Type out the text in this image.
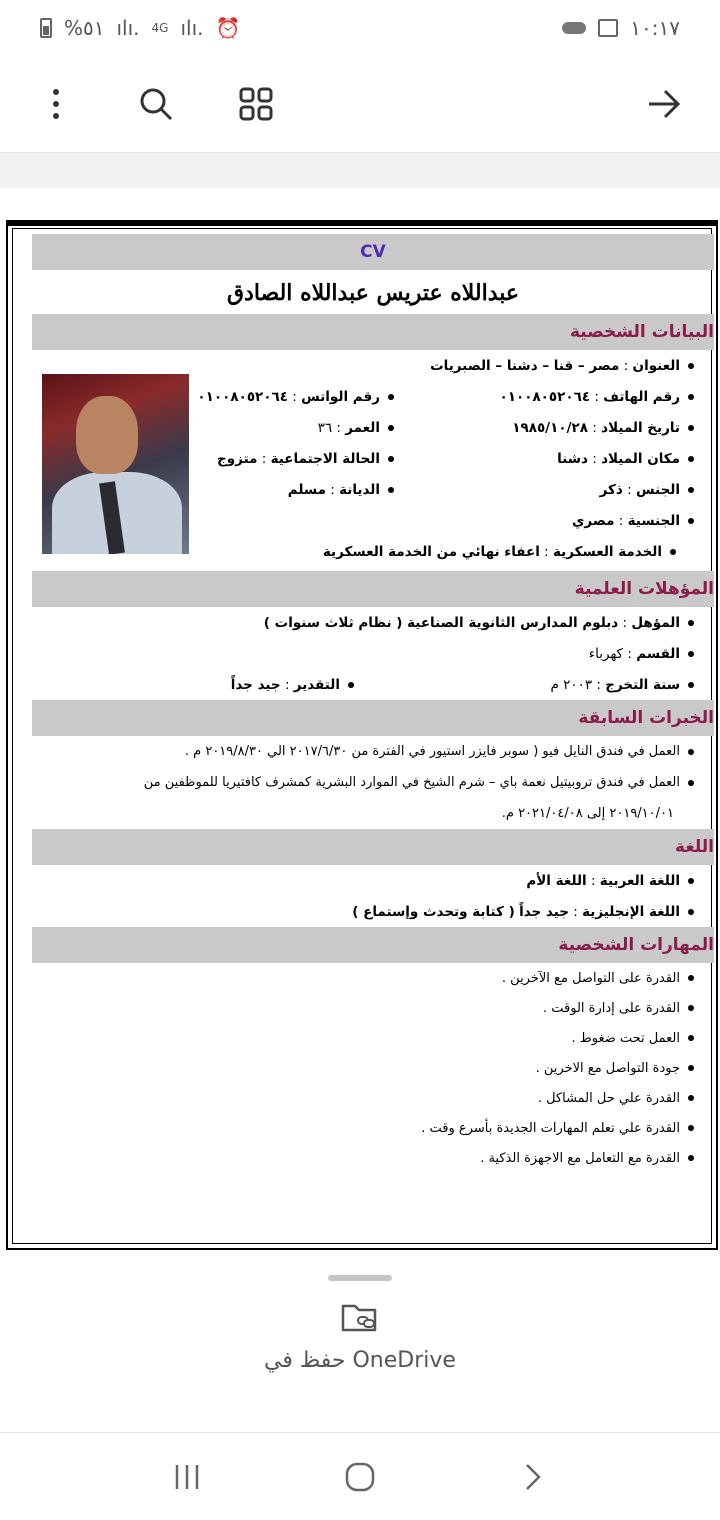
%٥١ ılı. 4G ılı. ⏰	١٠:١٧
CV
عبداللاه عتريس عبداللاه الصادق
البيانات الشخصية
العنوان
:
مصر – قنا – دشنا – الصبريات
رقم الهاتف
:
٠١٠٠٨٠٥٢٠٦٤
رقم الواتس
:
٠١٠٠٨٠٥٢٠٦٤
تاريخ الميلاد
:
١٩٨٥/١٠/٢٨
العمر
:
٣٦
مكان الميلاد
:
دشنا
الحالة الاجتماعية
:
متزوج
الجنس
:
ذكر
الديانة
:
مسلم
الجنسية
:
مصري
الخدمة العسكرية
:
اعفاء نهائي من الخدمة العسكرية
المؤهلات العلمية
المؤهل
:
دبلوم المدارس الثانوية الصناعية ( نظام ثلاث سنوات )
القسم
:
كهرباء
سنة التخرج
:
٢٠٠٣ م
التقدير
:
جيد جداً
الخبرات السابقة
العمل في فندق النايل فيو ( سوبر فايزر استيور في الفترة من ٢٠١٧/٦/٣٠ الي ٢٠١٩/٨/٣٠ م .
العمل في فندق تروبيتيل نعمة باي – شرم الشيخ في الموارد البشرية كمشرف كافتيريا للموظفين من
٢٠١٩/١٠/٠١ إلى ٢٠٢١/٠٤/٠٨ م.
اللغة
اللغة العربية
:
اللغة الأم
اللغة الإنجليزية
:
جيد جداً

( كتابة وتحدث وإستماع )
المهارات الشخصية
القدرة على التواصل مع الآخرين .
القدرة على إدارة الوقت .
العمل تحت ضغوط .
جودة التواصل مع الاخرين .
القدرة علي حل المشاكل .
القدرة علي تعلم المهارات الجديدة بأسرع وقت .
القدرة مع التعامل مع الاجهزة الذكية .
حفظ في OneDrive
